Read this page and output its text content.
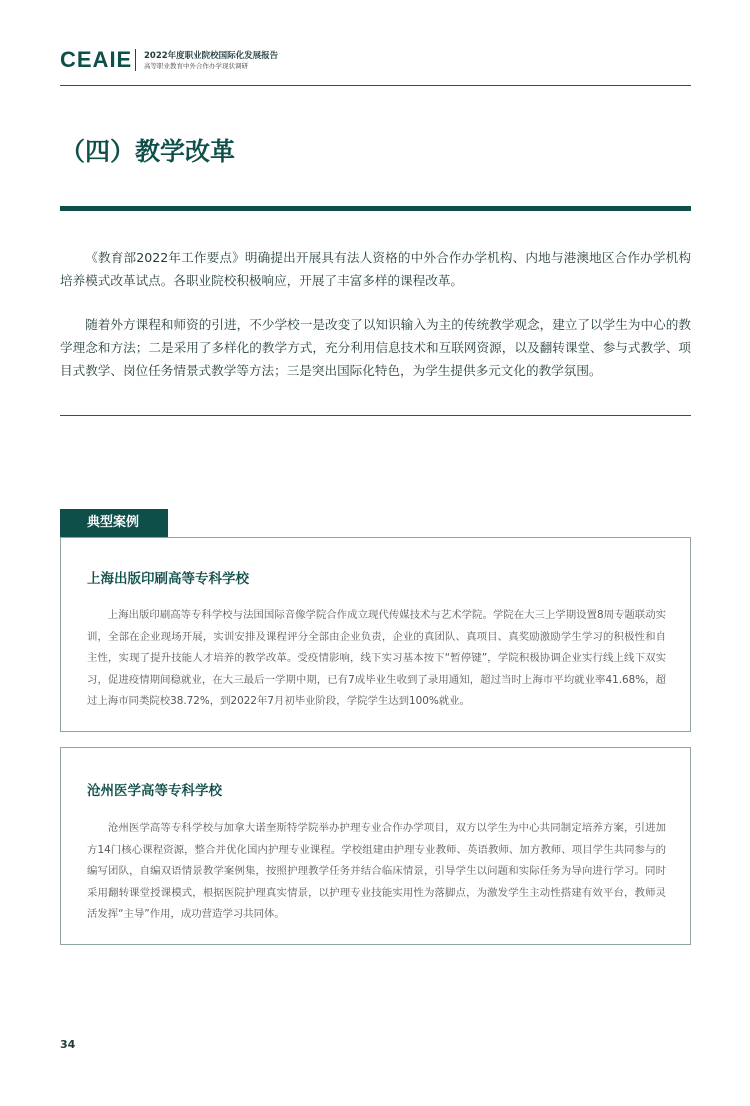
CEAIE 2022年度职业院校国际化发展报告
高等职业教育中外合作办学现状调研
（四）教学改革

《教育部2022年工作要点》明确提出开展具有法人资格的中外合作办学机构、内地与港澳地区合作办学机构培养模式改革试点。各职业院校积极响应，开展了丰富多样的课程改革。

随着外方课程和师资的引进，不少学校一是改变了以知识输入为主的传统教学观念，建立了以学生为中心的教学理念和方法；二是采用了多样化的教学方式，充分利用信息技术和互联网资源，以及翻转课堂、参与式教学、项目式教学、岗位任务情景式教学等方法；三是突出国际化特色，为学生提供多元文化的教学氛围。

典型案例
上海出版印刷高等专科学校

上海出版印刷高等专科学校与法国国际音像学院合作成立现代传媒技术与艺术学院。学院在大三上学期设置8周专题联动实训，全部在企业现场开展，实训安排及课程评分全部由企业负责，企业的真团队、真项目、真奖励激励学生学习的积极性和自主性，实现了提升技能人才培养的教学改革。受疫情影响，线下实习基本按下“暂停键”，学院积极协调企业实行线上线下双实习，促进疫情期间稳就业，在大三最后一学期中期，已有7成毕业生收到了录用通知，超过当时上海市平均就业率41.68%，超过上海市同类院校38.72%，到2022年7月初毕业阶段，学院学生达到100%就业。

沧州医学高等专科学校

沧州医学高等专科学校与加拿大诺奎斯特学院举办护理专业合作办学项目，双方以学生为中心共同制定培养方案，引进加方14门核心课程资源，整合并优化国内护理专业课程。学校组建由护理专业教师、英语教师、加方教师、项目学生共同参与的编写团队，自编双语情景教学案例集，按照护理教学任务并结合临床情景，引导学生以问题和实际任务为导向进行学习。同时采用翻转课堂授课模式，根据医院护理真实情景，以护理专业技能实用性为落脚点，为激发学生主动性搭建有效平台，教师灵活发挥“主导”作用，成功营造学习共同体。

34
